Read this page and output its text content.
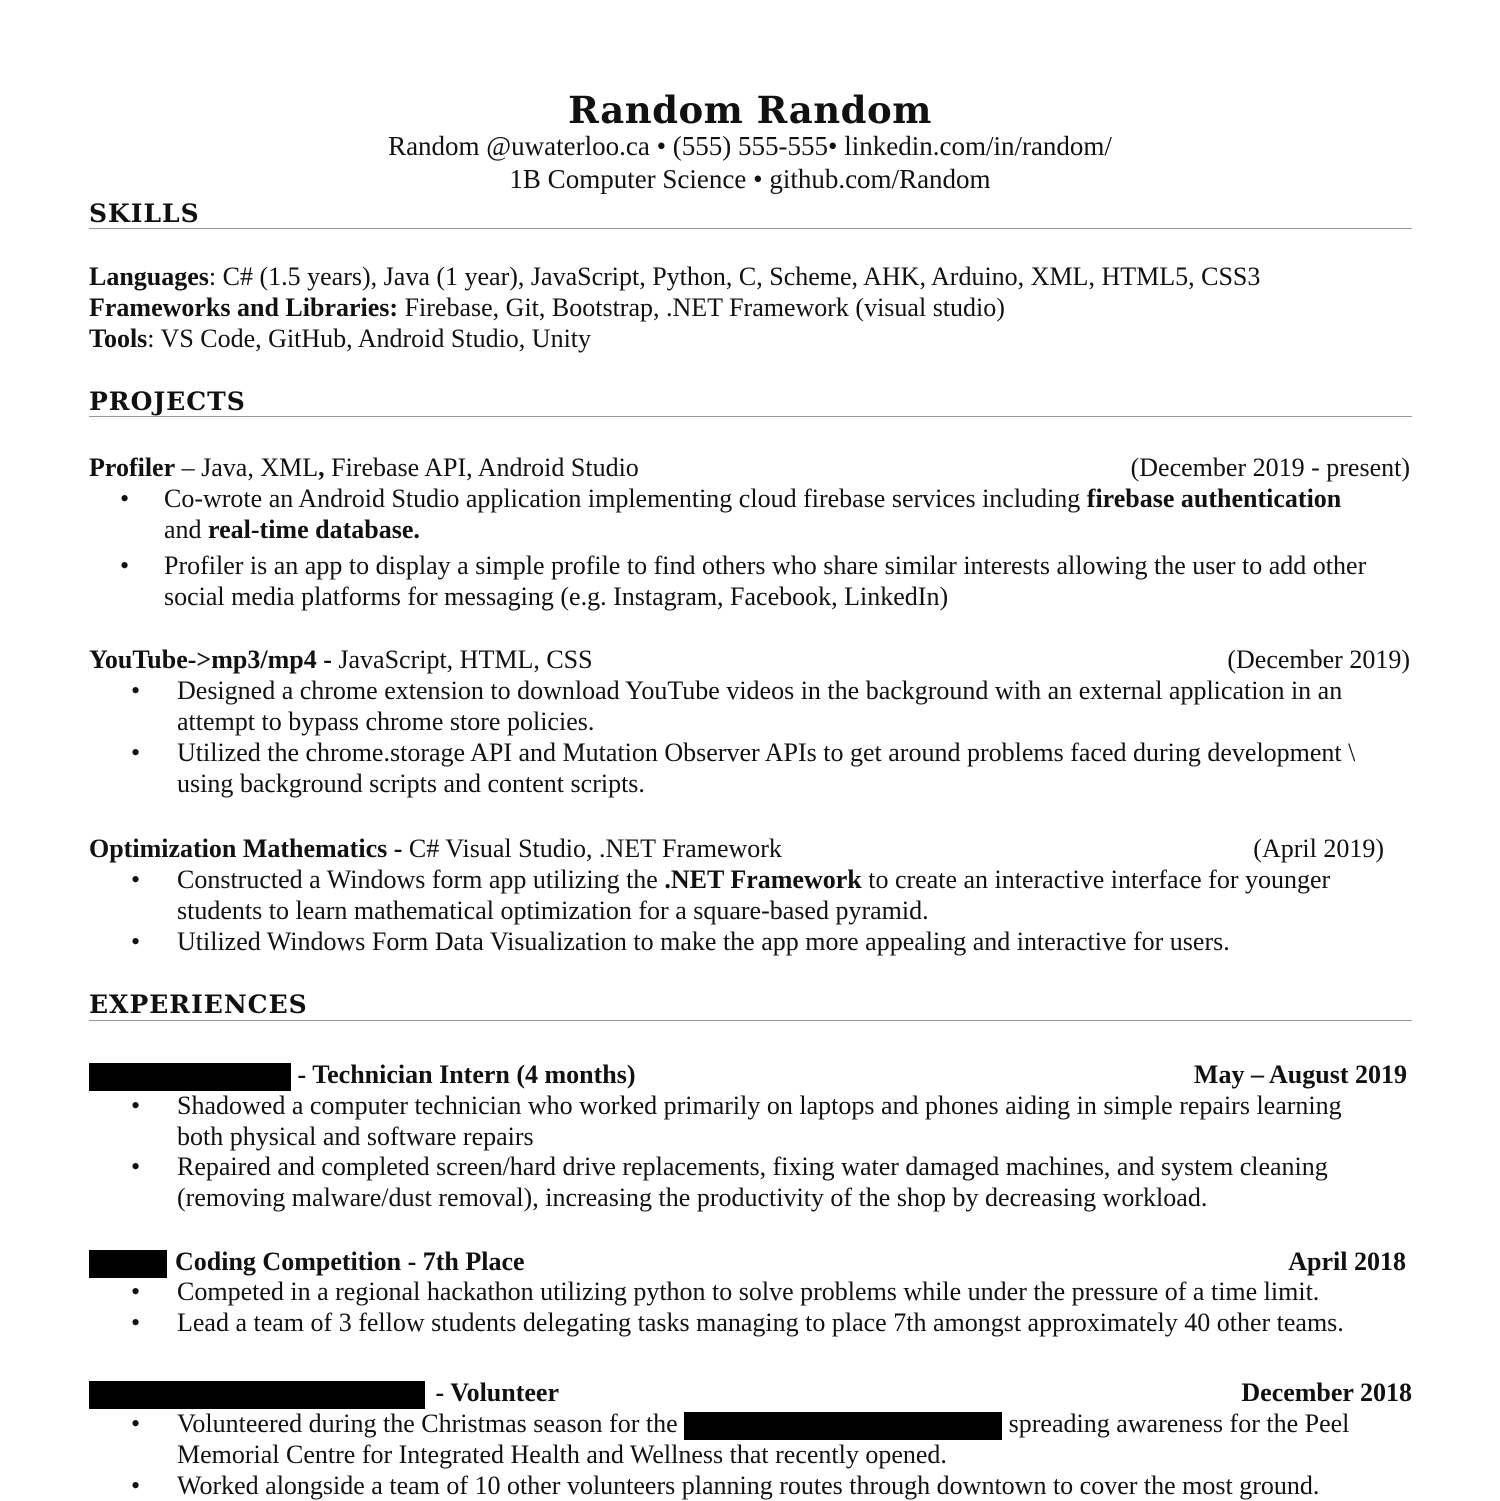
Random Random
Random @uwaterloo.ca • (555) 555-555• linkedin.com/in/random/
1B Computer Science • github.com/Random
SKILLS
Languages: C# (1.5 years), Java (1 year), JavaScript, Python, C, Scheme, AHK, Arduino, XML, HTML5, CSS3
Frameworks and Libraries: Firebase, Git, Bootstrap, .NET Framework (visual studio)
Tools: VS Code, GitHub, Android Studio, Unity
PROJECTS
Profiler – Java, XML, Firebase API, Android Studio	(December 2019 - present)
• Co-wrote an Android Studio application implementing cloud firebase services including firebase authentication
and real-time database.
• Profiler is an app to display a simple profile to find others who share similar interests allowing the user to add other
social media platforms for messaging (e.g. Instagram, Facebook, LinkedIn)
YouTube->mp3/mp4 - JavaScript, HTML, CSS	(December 2019)
• Designed a chrome extension to download YouTube videos in the background with an external application in an
attempt to bypass chrome store policies.
• Utilized the chrome.storage API and Mutation Observer APIs to get around problems faced during development \
using background scripts and content scripts.
Optimization Mathematics - C# Visual Studio, .NET Framework	(April 2019)
• Constructed a Windows form app utilizing the .NET Framework to create an interactive interface for younger
students to learn mathematical optimization for a square-based pyramid.
• Utilized Windows Form Data Visualization to make the app more appealing and interactive for users.
EXPERIENCES
- Technician Intern (4 months)	May – August 2019
• Shadowed a computer technician who worked primarily on laptops and phones aiding in simple repairs learning
both physical and software repairs
• Repaired and completed screen/hard drive replacements, fixing water damaged machines, and system cleaning
(removing malware/dust removal), increasing the productivity of the shop by decreasing workload.
Coding Competition - 7th Place	April 2018
• Competed in a regional hackathon utilizing python to solve problems while under the pressure of a time limit.
• Lead a team of 3 fellow students delegating tasks managing to place 7th amongst approximately 40 other teams.
- Volunteer	December 2018
• Volunteered during the Christmas season for the	spreading awareness for the Peel
Memorial Centre for Integrated Health and Wellness that recently opened.
• Worked alongside a team of 10 other volunteers planning routes through downtown to cover the most ground.
